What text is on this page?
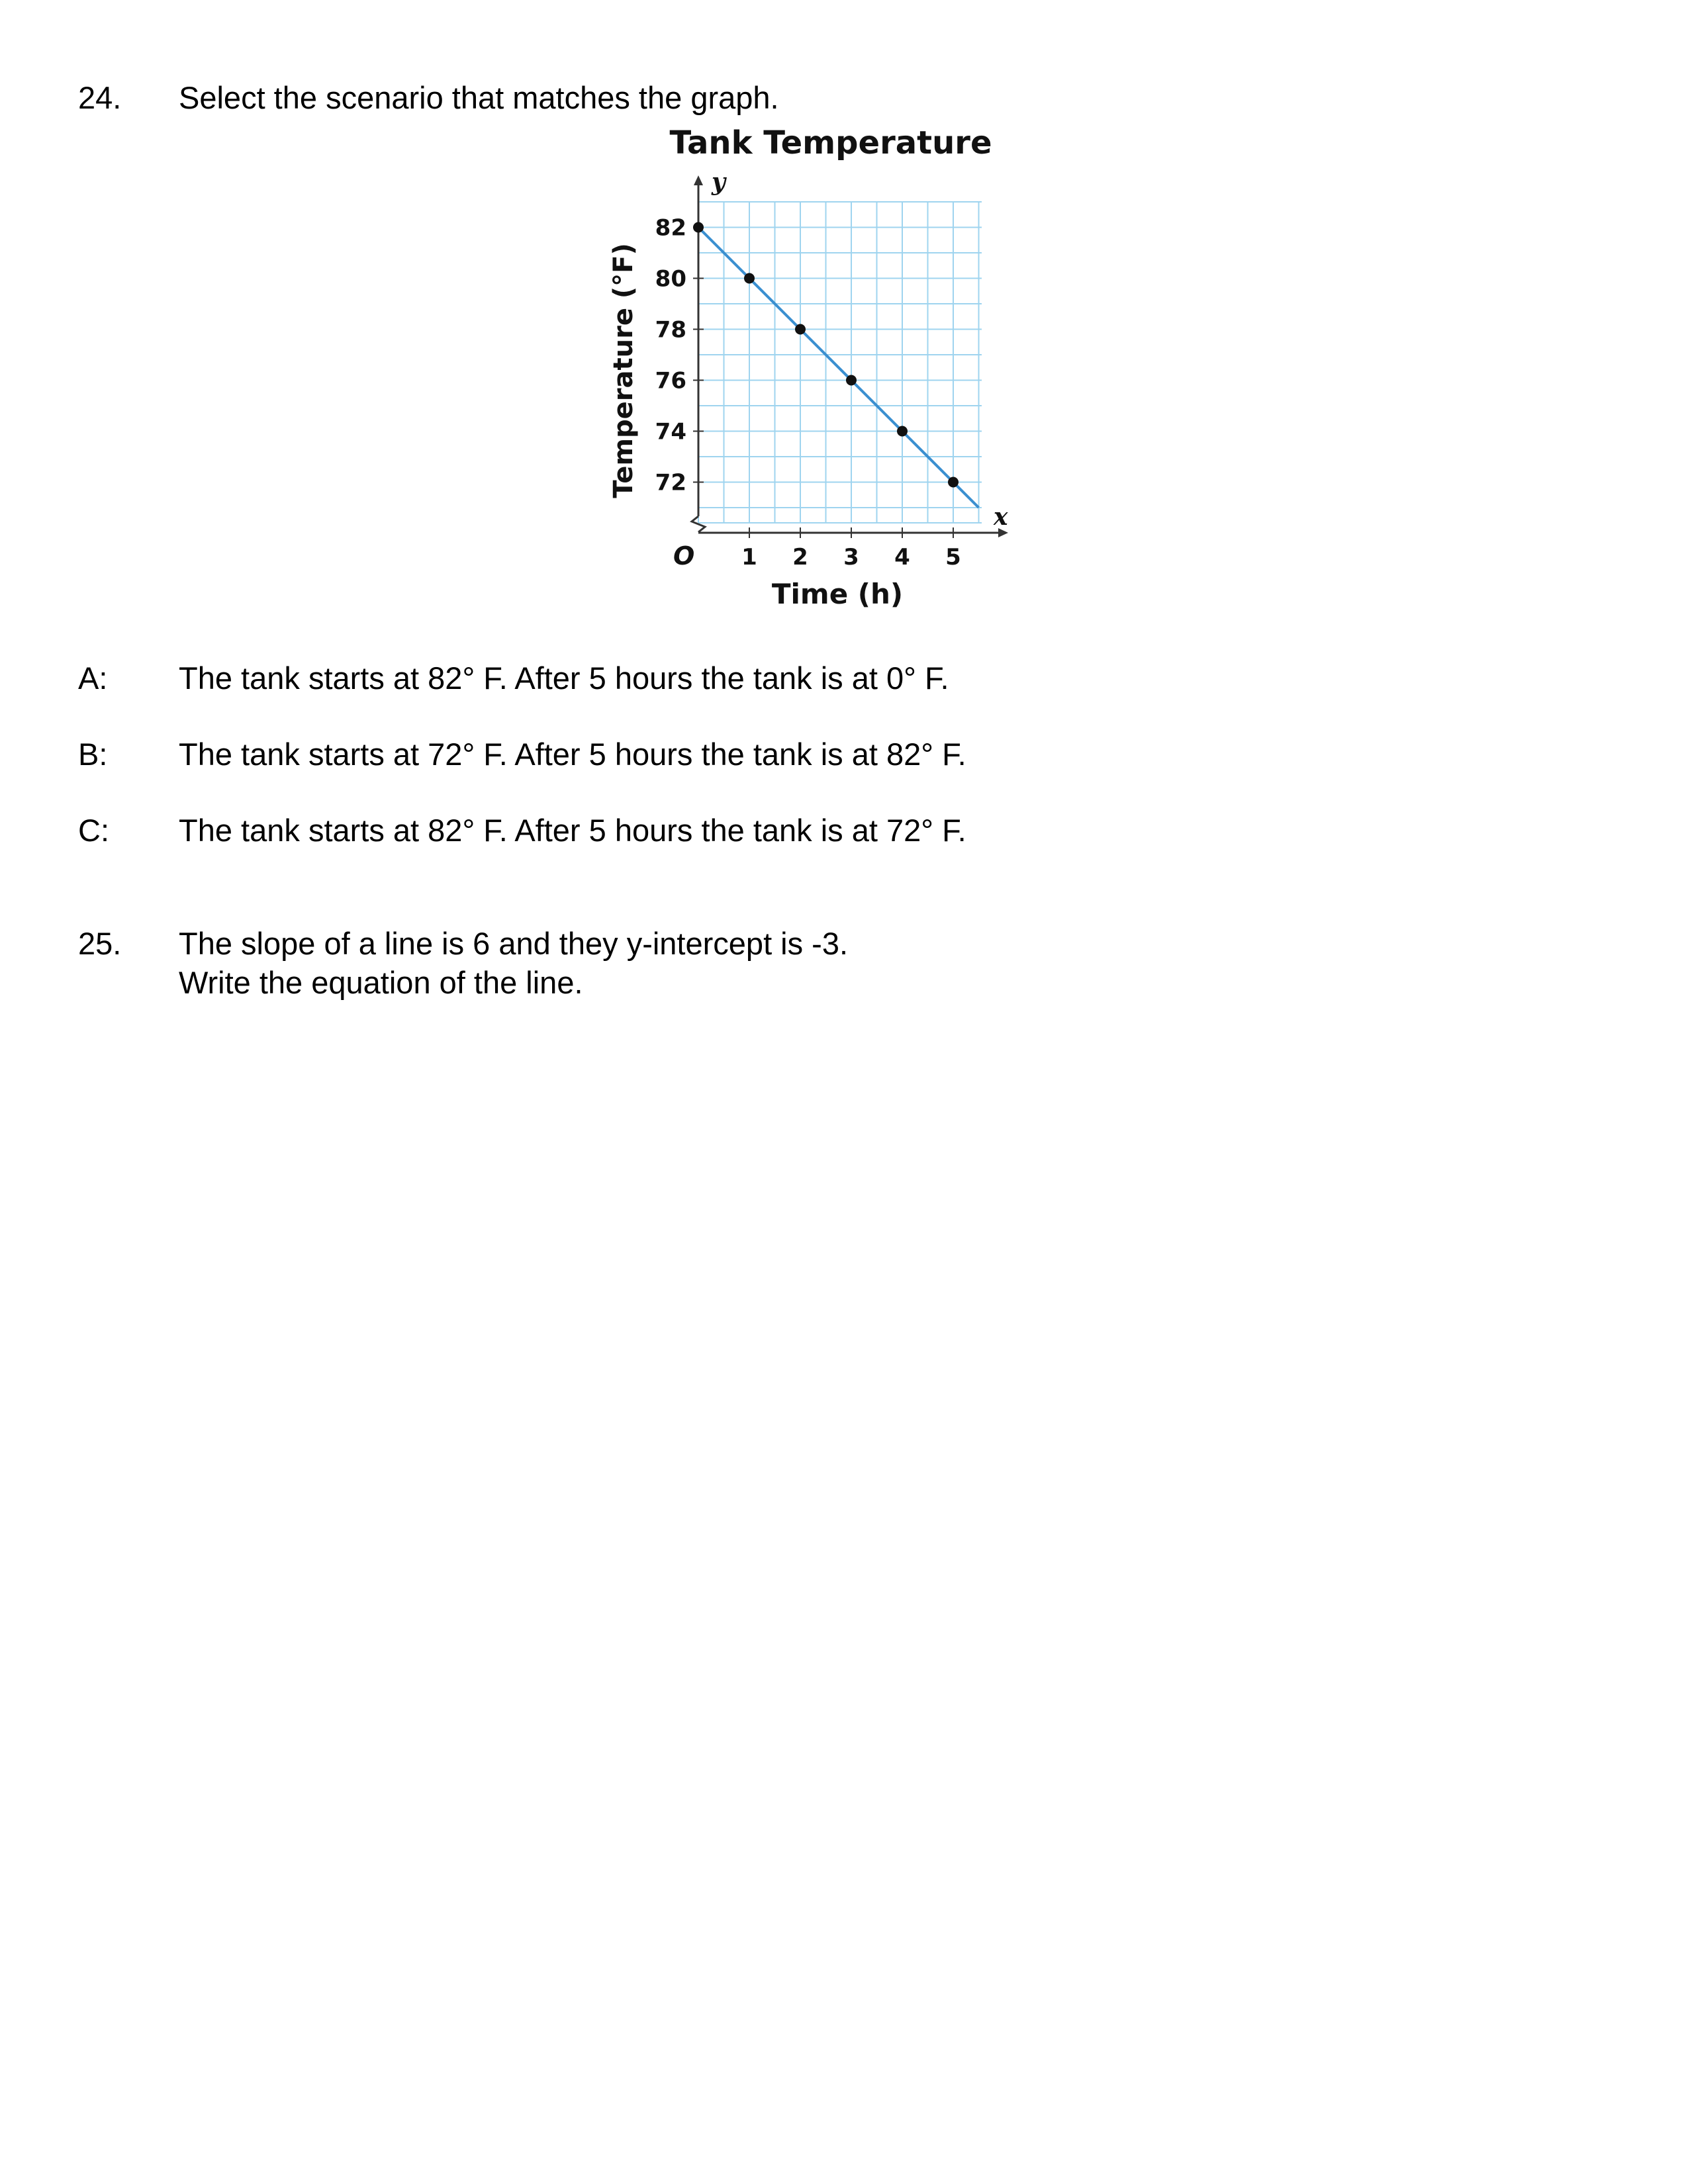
24. Select the scenario that matches the graph.
Tank Temperature
y
x
O
72
74
76
78
80
82
1 2 3 4 5
Temperature (°F)
Time (h)
A: The tank starts at 82° F. After 5 hours the tank is at 0° F.
B: The tank starts at 72° F. After 5 hours the tank is at 82° F.
C: The tank starts at 82° F. After 5 hours the tank is at 72° F.
25. The slope of a line is 6 and they y-intercept is -3.
Write the equation of the line.
